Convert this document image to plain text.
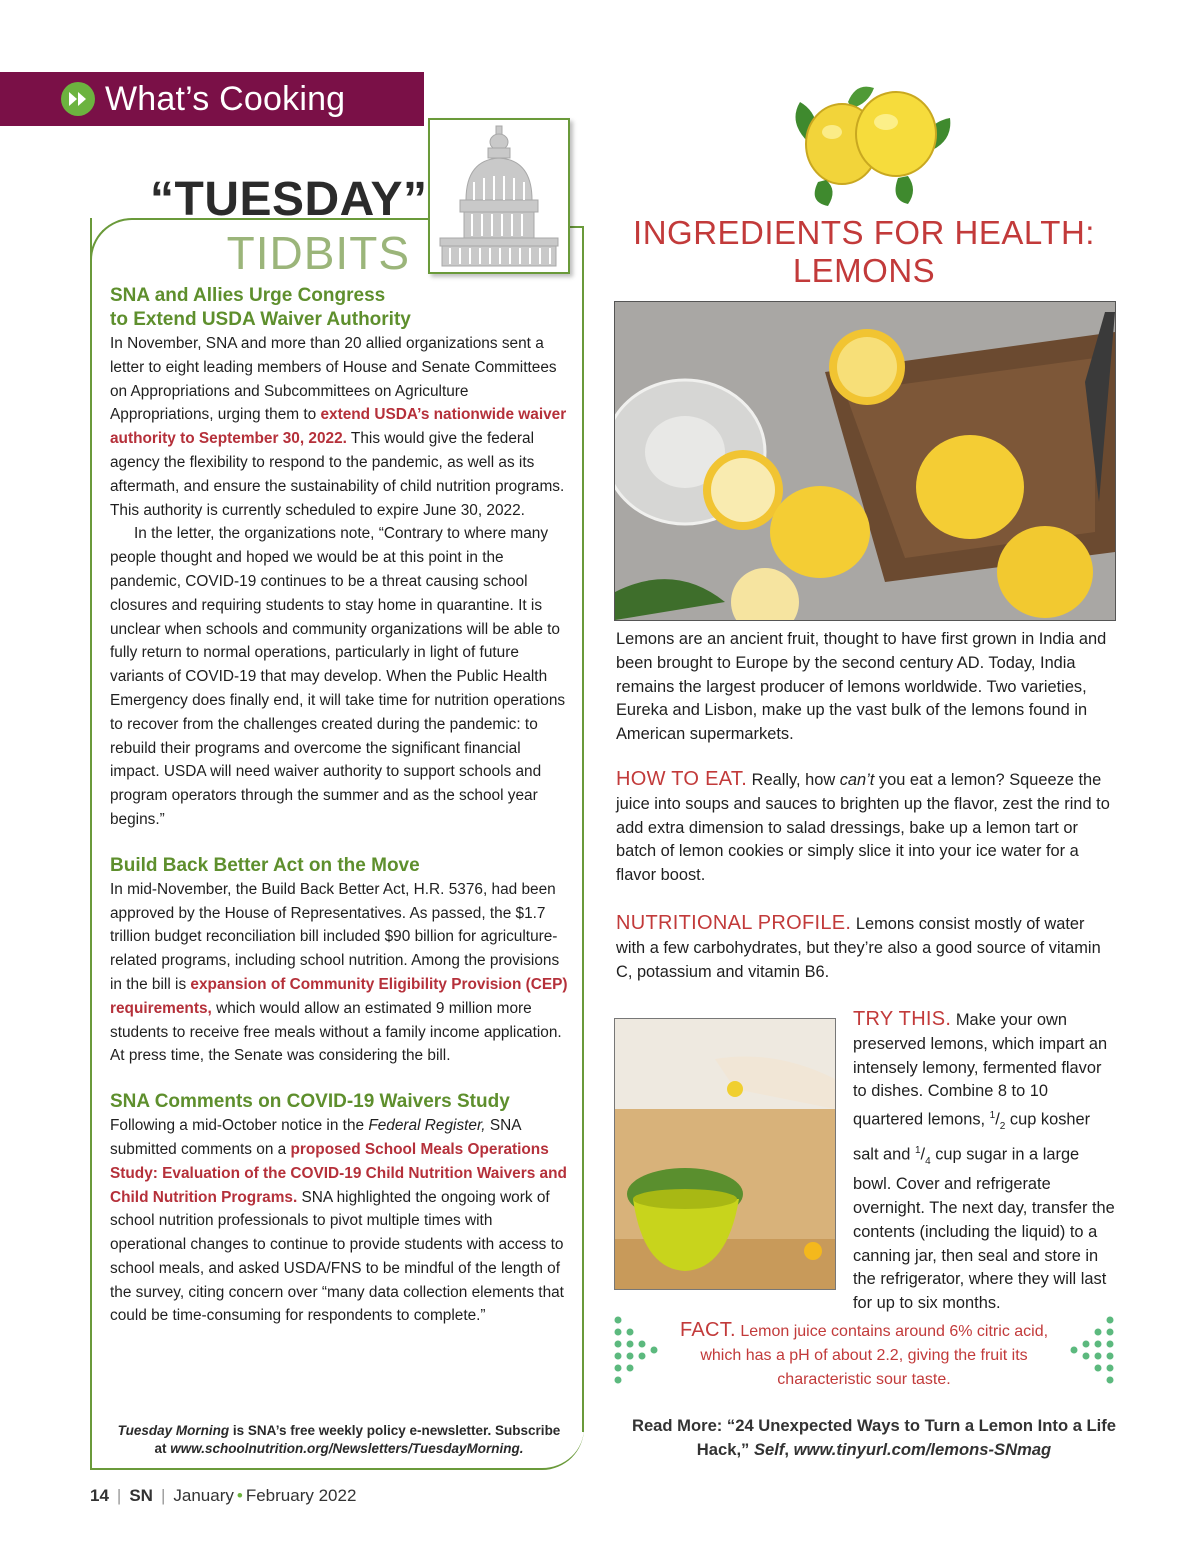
What’s Cooking
“TUESDAY”
TIDBITS
SNA and Allies Urge Congress
to Extend USDA Waiver Authority

In November, SNA and more than 20 allied organizations sent a letter to eight leading members of House and Senate Committees on Appropriations and Subcommittees on Agriculture Appropriations, urging them to extend USDA’s nationwide waiver authority to September 30, 2022. This would give the federal agency the flexibility to respond to the pandemic, as well as its aftermath, and ensure the sustainability of child nutrition programs. This authority is currently scheduled to expire June 30, 2022.

In the letter, the organizations note, “Contrary to where many people thought and hoped we would be at this point in the pandemic, COVID-19 continues to be a threat causing school closures and requiring students to stay home in quarantine. It is unclear when schools and community organizations will be able to fully return to normal operations, particularly in light of future variants of COVID-19 that may develop. When the Public Health Emergency does finally end, it will take time for nutrition operations to recover from the challenges created during the pandemic: to rebuild their programs and overcome the significant financial impact. USDA will need waiver authority to support schools and program operators through the summer and as the school year begins.”

Build Back Better Act on the Move

In mid-November, the Build Back Better Act, H.R. 5376, had been approved by the House of Representatives. As passed, the $1.7 trillion budget reconciliation bill included $90 billion for agriculture-related programs, including school nutrition. Among the provisions in the bill is expansion of Community Eligibility Provision (CEP) requirements, which would allow an estimated 9 million more students to receive free meals without a family income application. At press time, the Senate was considering the bill.

SNA Comments on COVID-19 Waivers Study

Following a mid-October notice in the Federal Register, SNA submitted comments on a proposed School Meals Operations Study: Evaluation of the COVID-19 Child Nutrition Waivers and Child Nutrition Programs. SNA highlighted the ongoing work of school nutrition professionals to pivot multiple times with operational changes to continue to provide students with access to school meals, and asked USDA/FNS to be mindful of the length of the survey, citing concern over “many data collection elements that could be time-consuming for respondents to complete.”

Tuesday Morning is SNA’s free weekly policy e-newsletter. Subscribe at www.schoolnutrition.org/Newsletters/TuesdayMorning.
14 | SN | January • February 2022
INGREDIENTS FOR HEALTH:
LEMONS

Lemons are an ancient fruit, thought to have first grown in India and been brought to Europe by the second century AD. Today, India remains the largest producer of lemons worldwide. Two varieties, Eureka and Lisbon, make up the vast bulk of the lemons found in American supermarkets.

HOW TO EAT. Really, how can’t you eat a lemon? Squeeze the juice into soups and sauces to brighten up the flavor, zest the rind to add extra dimension to salad dressings, bake up a lemon tart or batch of lemon cookies or simply slice it into your ice water for a flavor boost.

NUTRITIONAL PROFILE. Lemons consist mostly of water with a few carbohydrates, but they’re also a good source of vitamin C, potassium and vitamin B6.

TRY THIS. Make your own preserved lemons, which impart an intensely lemony, fermented flavor to dishes. Combine 8 to 10 quartered lemons, $^1/_2$ cup kosher salt and $^1/_4$ cup sugar in a large bowl. Cover and refrigerate overnight. The next day, transfer the contents (including the liquid) to a canning jar, then seal and store in the refrigerator, where they will last for up to six months.

FACT. Lemon juice contains around 6% citric acid, which has a pH of about 2.2, giving the fruit its characteristic sour taste.
Read More: “24 Unexpected Ways to Turn a Lemon Into a Life Hack,” Self, www.tinyurl.com/lemons-SNmag
